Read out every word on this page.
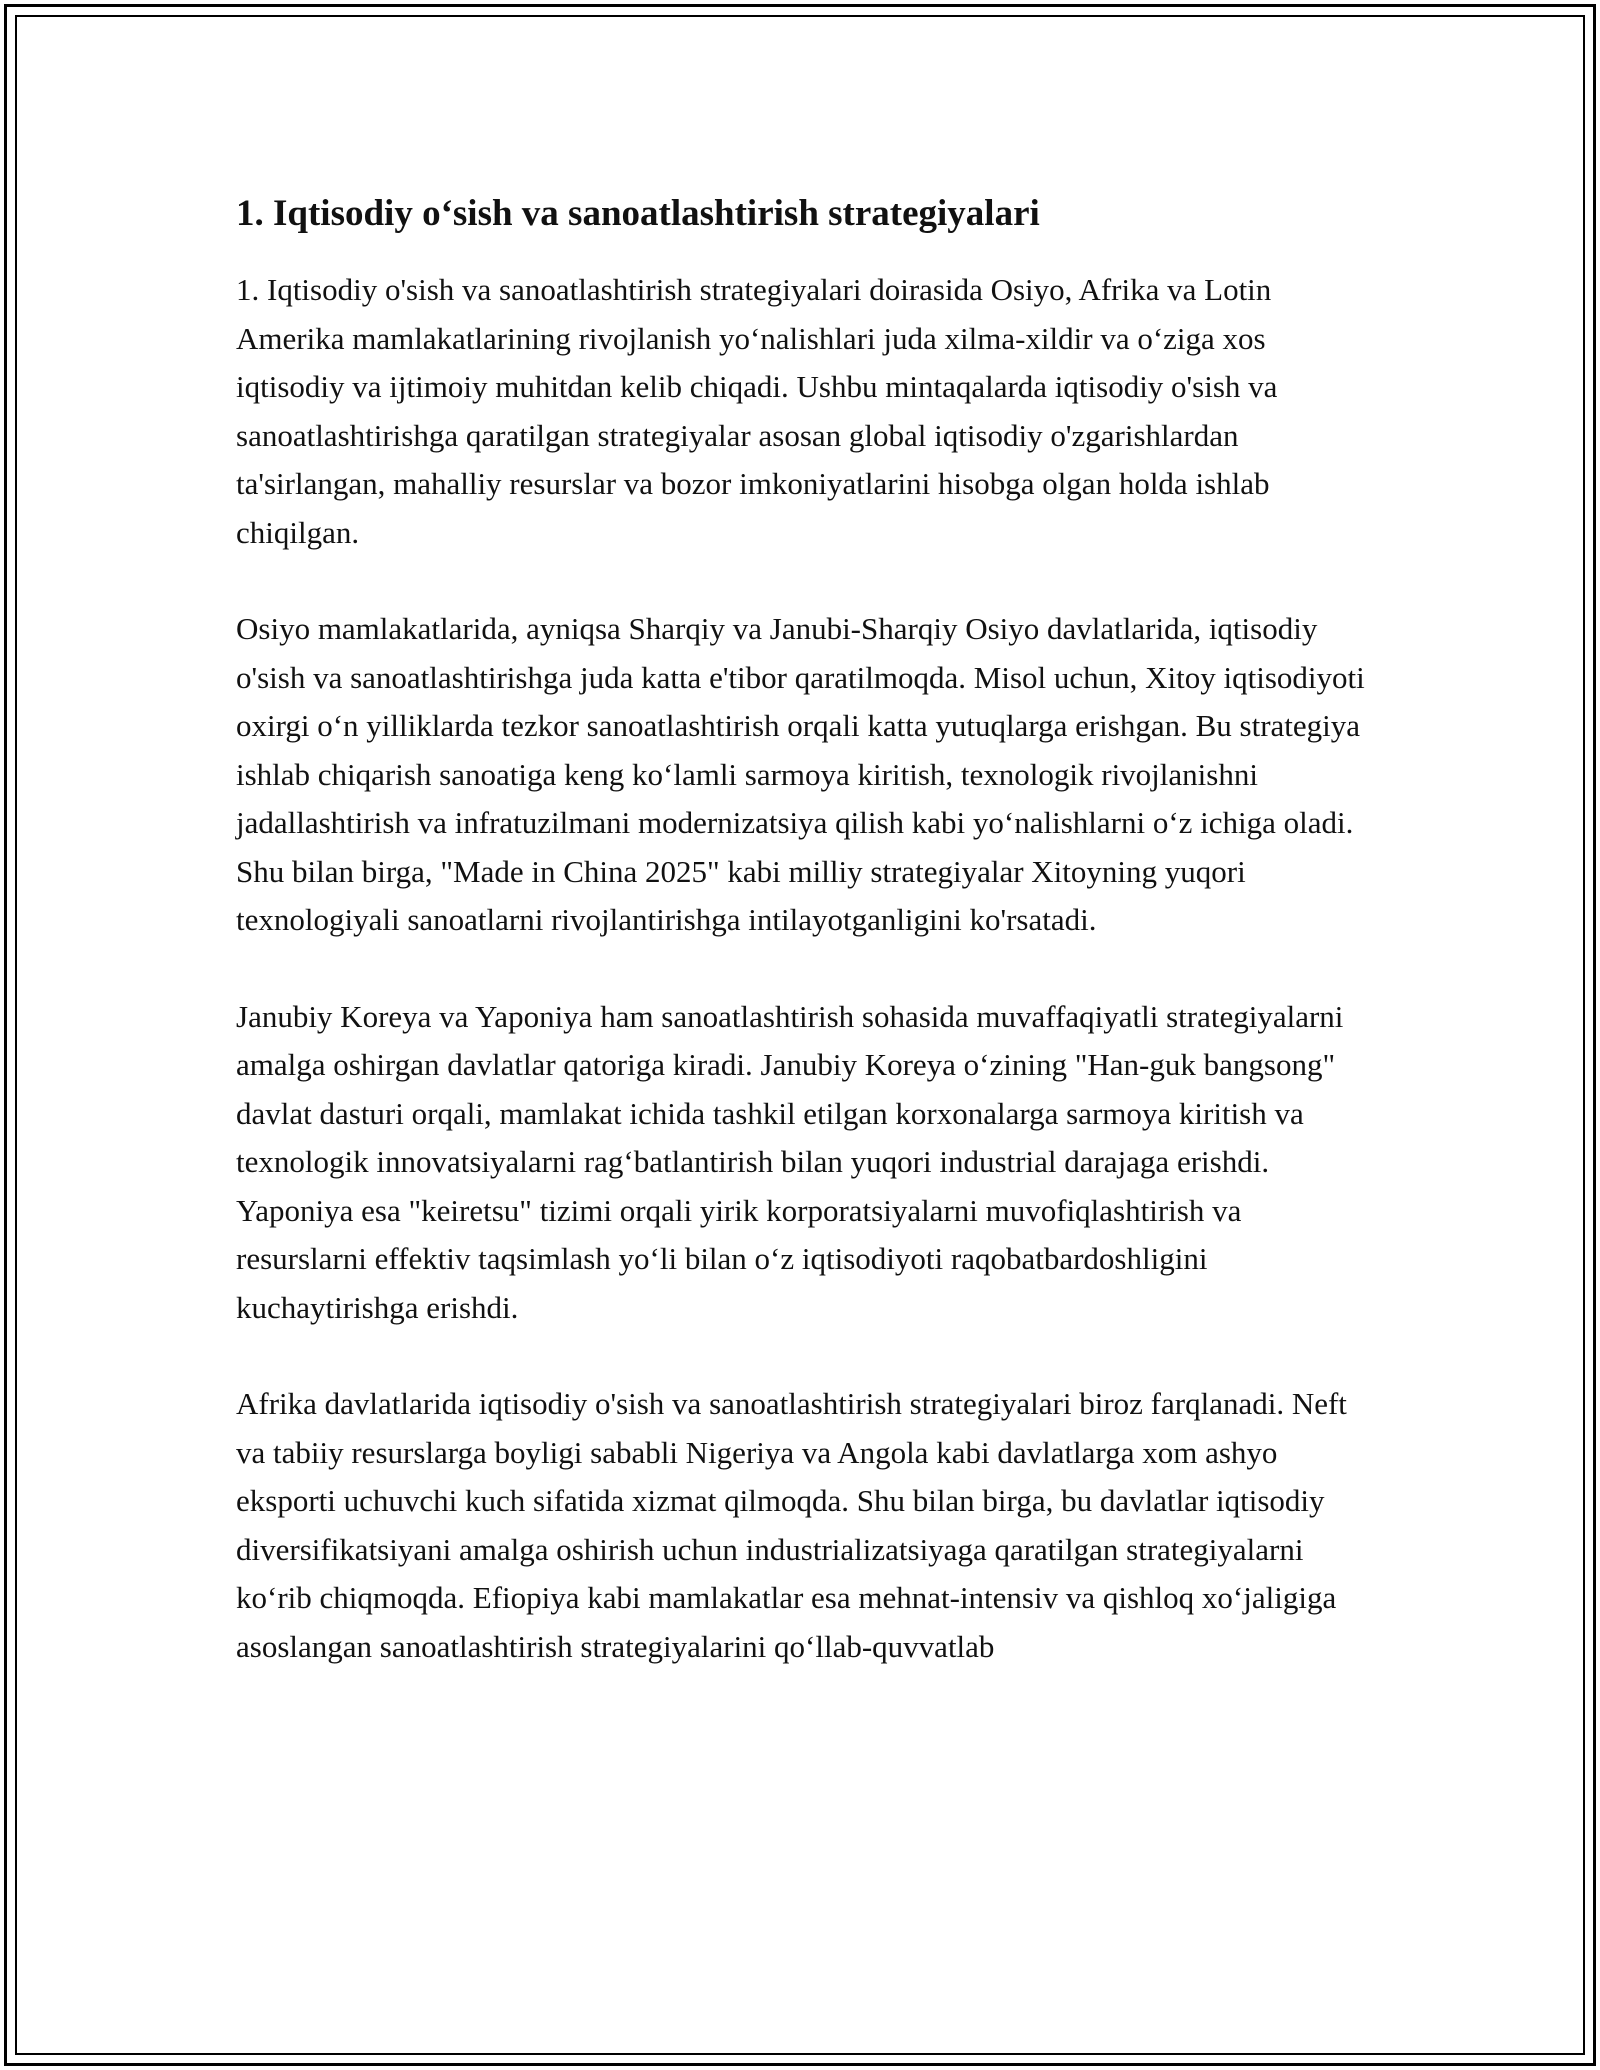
1. Iqtisodiy o‘sish va sanoatlashtirish strategiyalari

1. Iqtisodiy o'sish va sanoatlashtirish strategiyalari doirasida Osiyo, Afrika va Lotin Amerika mamlakatlarining rivojlanish yo‘nalishlari juda xilma-xildir va o‘ziga xos iqtisodiy va ijtimoiy muhitdan kelib chiqadi. Ushbu mintaqalarda iqtisodiy o'sish va sanoatlashtirishga qaratilgan strategiyalar asosan global iqtisodiy o'zgarishlardan ta'sirlangan, mahalliy resurslar va bozor imkoniyatlarini hisobga olgan holda ishlab chiqilgan.

Osiyo mamlakatlarida, ayniqsa Sharqiy va Janubi-Sharqiy Osiyo davlatlarida, iqtisodiy o'sish va sanoatlashtirishga juda katta e'tibor qaratilmoqda. Misol uchun, Xitoy iqtisodiyoti oxirgi o‘n yilliklarda tezkor sanoatlashtirish orqali katta yutuqlarga erishgan. Bu strategiya ishlab chiqarish sanoatiga keng ko‘lamli sarmoya kiritish, texnologik rivojlanishni jadallashtirish va infratuzilmani modernizatsiya qilish kabi yo‘nalishlarni o‘z ichiga oladi. Shu bilan birga, "Made in China 2025" kabi milliy strategiyalar Xitoyning yuqori texnologiyali sanoatlarni rivojlantirishga intilayotganligini ko'rsatadi.

Janubiy Koreya va Yaponiya ham sanoatlashtirish sohasida muvaffaqiyatli strategiyalarni amalga oshirgan davlatlar qatoriga kiradi. Janubiy Koreya o‘zining "Han-guk bangsong" davlat dasturi orqali, mamlakat ichida tashkil etilgan korxonalarga sarmoya kiritish va texnologik innovatsiyalarni rag‘batlantirish bilan yuqori industrial darajaga erishdi. Yaponiya esa "keiretsu" tizimi orqali yirik korporatsiyalarni muvofiqlashtirish va resurslarni effektiv taqsimlash yo‘li bilan o‘z iqtisodiyoti raqobatbardoshligini kuchaytirishga erishdi.

Afrika davlatlarida iqtisodiy o'sish va sanoatlashtirish strategiyalari biroz farqlanadi. Neft va tabiiy resurslarga boyligi sababli Nigeriya va Angola kabi davlatlarga xom ashyo eksporti uchuvchi kuch sifatida xizmat qilmoqda. Shu bilan birga, bu davlatlar iqtisodiy diversifikatsiyani amalga oshirish uchun industrializatsiyaga qaratilgan strategiyalarni ko‘rib chiqmoqda. Efiopiya kabi mamlakatlar esa mehnat-intensiv va qishloq xo‘jaligiga asoslangan sanoatlashtirish strategiyalarini qo‘llab-quvvatlab
